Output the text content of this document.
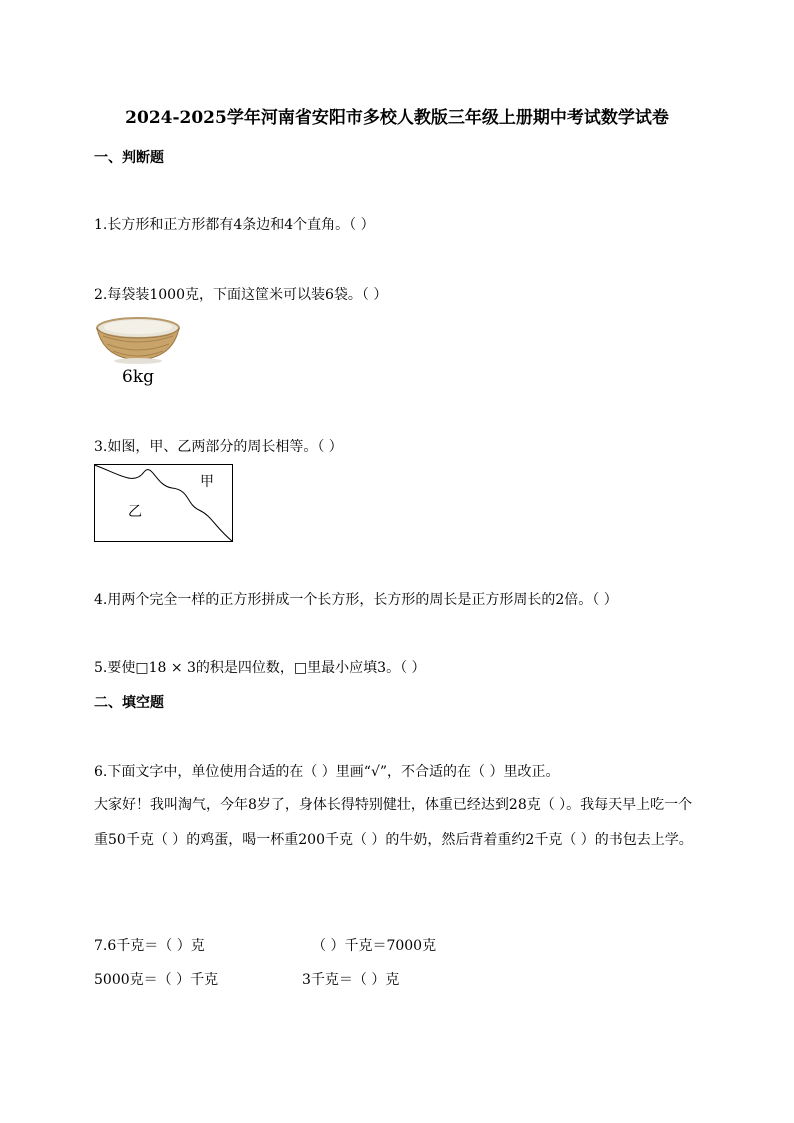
2024-2025学年河南省安阳市多校人教版三年级上册期中考试数学试卷
一、判断题
1.长方形和正方形都有4条边和4个直角。（ ）
2.每袋装1000克，下面这筐米可以装6袋。（ ）
6kg
3.如图，甲、乙两部分的周长相等。（ ）
甲
乙
4.用两个完全一样的正方形拼成一个长方形，长方形的周长是正方形周长的2倍。（ ）
5.要使□18 × 3的积是四位数，□里最小应填3。（ ）
二、填空题
6.下面文字中，单位使用合适的在（ ）里画“√”，不合适的在（ ）里改正。
大家好！我叫淘气，今年8岁了，身体长得特别健壮，体重已经达到28克（ ）。我每天早上吃一个重50千克（ ）的鸡蛋，喝一杯重200千克（ ）的牛奶，然后背着重约2千克（ ）的书包去上学。
7.6千克＝（ ）克	（ ）千克＝7000克
5000克＝（ ）千克	3千克＝（ ）克
